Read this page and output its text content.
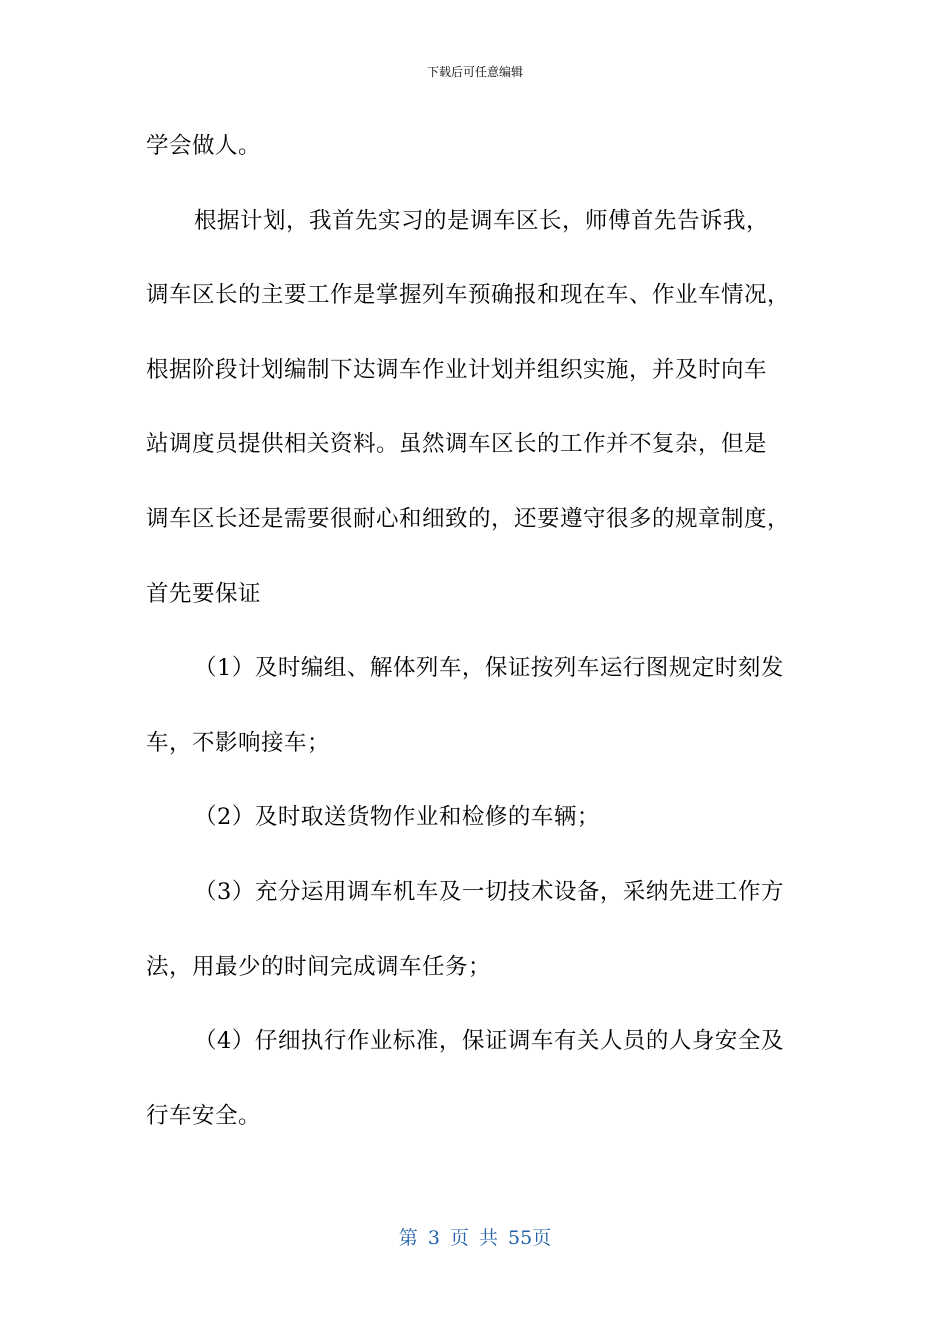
下载后可任意编辑
学会做人。
根据计划，我首先实习的是调车区长，师傅首先告诉我，
调车区长的主要工作是掌握列车预确报和现在车、作业车情况，
根据阶段计划编制下达调车作业计划并组织实施，并及时向车
站调度员提供相关资料。虽然调车区长的工作并不复杂，但是
调车区长还是需要很耐心和细致的，还要遵守很多的规章制度，
首先要保证
（1）及时编组、解体列车，保证按列车运行图规定时刻发
车，不影响接车；
（2）及时取送货物作业和检修的车辆；
（3）充分运用调车机车及一切技术设备，采纳先进工作方
法，用最少的时间完成调车任务；
（4）仔细执行作业标准，保证调车有关人员的人身安全及
行车安全。
第 3 页 共 55页
